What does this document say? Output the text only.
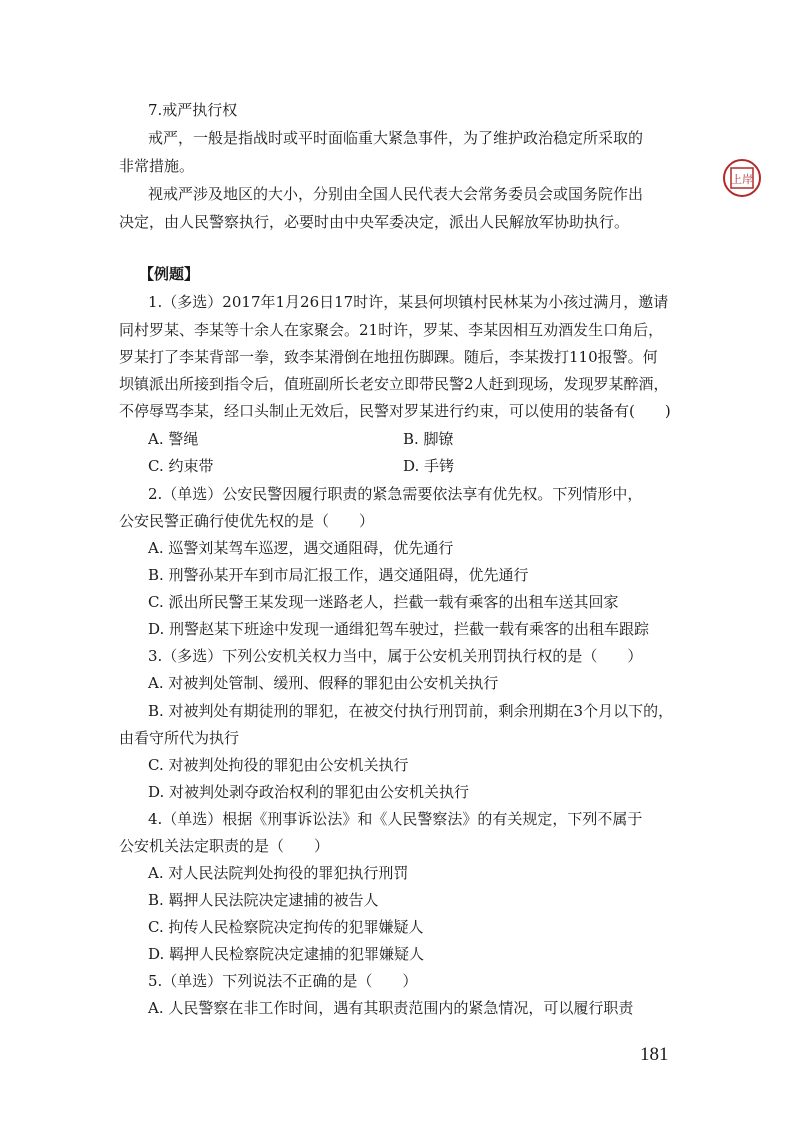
上岸
7.戒严执行权
戒严，一般是指战时或平时面临重大紧急事件，为了维护政治稳定所采取的
非常措施。
视戒严涉及地区的大小，分别由全国人民代表大会常务委员会或国务院作出
决定，由人民警察执行，必要时由中央军委决定，派出人民解放军协助执行。
【例题】
1.（多选）2017年1月26日17时许，某县何坝镇村民林某为小孩过满月，邀请
同村罗某、李某等十余人在家聚会。21时许，罗某、李某因相互劝酒发生口角后，
罗某打了李某背部一拳，致李某滑倒在地扭伤脚踝。随后，李某拨打110报警。何
坝镇派出所接到指令后，值班副所长老安立即带民警2人赶到现场，发现罗某醉酒，
不停辱骂李某，经口头制止无效后，民警对罗某进行约束，可以使用的装备有(　　)
A. 警绳	B. 脚镣
C. 约束带	D. 手铐
2.（单选）公安民警因履行职责的紧急需要依法享有优先权。下列情形中，
公安民警正确行使优先权的是（　　）
A. 巡警刘某驾车巡逻，遇交通阻碍，优先通行
B. 刑警孙某开车到市局汇报工作，遇交通阻碍，优先通行
C. 派出所民警王某发现一迷路老人，拦截一载有乘客的出租车送其回家
D. 刑警赵某下班途中发现一通缉犯驾车驶过，拦截一载有乘客的出租车跟踪
3.（多选）下列公安机关权力当中，属于公安机关刑罚执行权的是（　　）
A. 对被判处管制、缓刑、假释的罪犯由公安机关执行
B. 对被判处有期徒刑的罪犯，在被交付执行刑罚前，剩余刑期在3个月以下的，
由看守所代为执行
C. 对被判处拘役的罪犯由公安机关执行
D. 对被判处剥夺政治权利的罪犯由公安机关执行
4.（单选）根据《刑事诉讼法》和《人民警察法》的有关规定，下列不属于
公安机关法定职责的是（　　）
A. 对人民法院判处拘役的罪犯执行刑罚
B. 羁押人民法院决定逮捕的被告人
C. 拘传人民检察院决定拘传的犯罪嫌疑人
D. 羁押人民检察院决定逮捕的犯罪嫌疑人
5.（单选）下列说法不正确的是（　　）
A. 人民警察在非工作时间，遇有其职责范围内的紧急情况，可以履行职责
181
